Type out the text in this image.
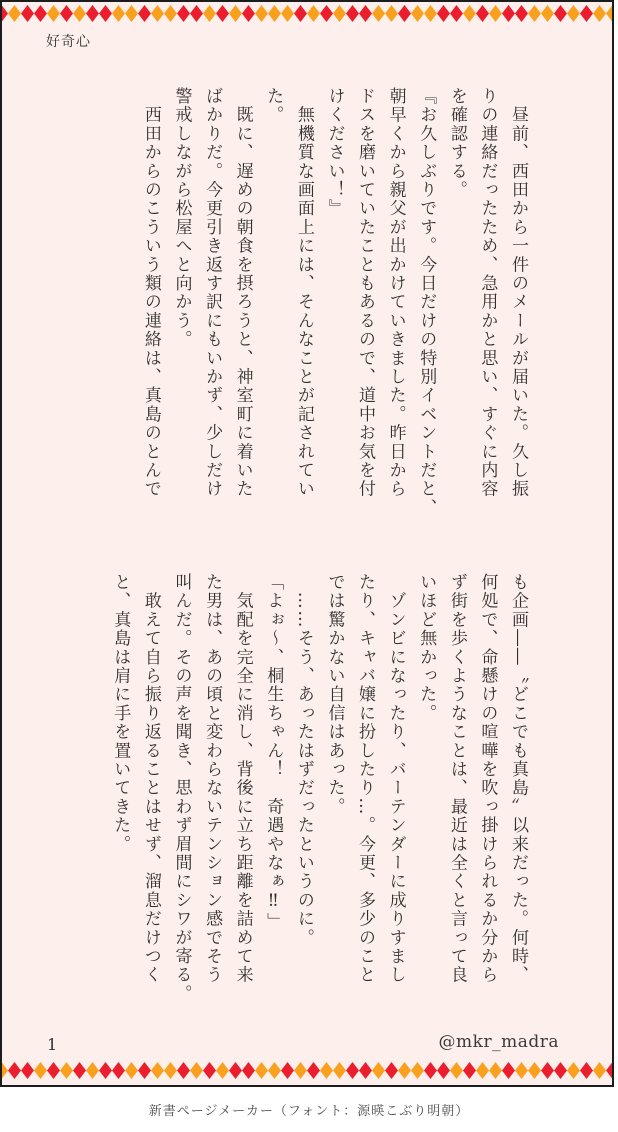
好奇心
　昼前、西田から一件のメールが届いた。久し振
りの連絡だったため、急用かと思い、すぐに内容
を確認する。
『お久しぶりです。今日だけの特別イベントだと、
朝早くから親父が出かけていきました。昨日から
ドスを磨いていたこともあるので、道中お気を付
けください！』
　無機質な画面上には、そんなことが記されてい
た。
　既に、遅めの朝食を摂ろうと、神室町に着いた
ばかりだ。今更引き返す訳にもいかず、少しだけ
警戒しながら松屋へと向かう。
　西田からのこういう類の連絡は、真島のとんで
も企画――〝どこでも真島〟以来だった。何時、
何処で、命懸けの喧嘩を吹っ掛けられるか分から
ず街を歩くようなことは、最近は全くと言って良
いほど無かった。
　ゾンビになったり、バーテンダーに成りすまし
たり、キャバ嬢に扮したり…。今更、多少のこと
では驚かない自信はあった。
　……そう、あったはずだったというのに。
「よぉ〜、桐生ちゃん！　奇遇やなぁ‼」
　気配を完全に消し、背後に立ち距離を詰めて来
た男は、あの頃と変わらないテンション感でそう
叫んだ。その声を聞き、思わず眉間にシワが寄る。
　敢えて自ら振り返ることはせず、溜息だけつく
と、真島は肩に手を置いてきた。
1	@mkr_madra
新書ページメーカー（フォント：源暎こぶり明朝）
